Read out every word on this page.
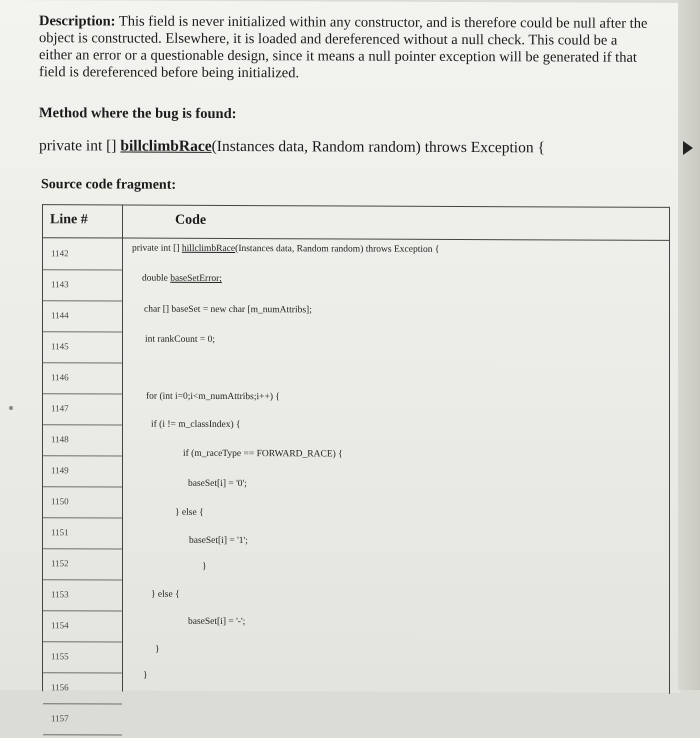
Description: This field is never initialized within any constructor, and is therefore could be null after the object is constructed. Elsewhere, it is loaded and dereferenced without a null check. This could be a either an error or a questionable design, since it means a null pointer exception will be generated if that field is dereferenced before being initialized.
Method where the bug is found:
private int [] billclimbRace(Instances data, Random random) throws Exception {
Source code fragment:
Line #	Code
1142
1143
1144
1145
1146
1147
1148
1149
1150
1151
1152
1153
1154
1155
1156
1157
private int [] hillclimbRace(Instances data, Random random) throws Exception {
double baseSetError;
char [] baseSet = new char [m_numAttribs];
int rankCount = 0;
for (int i=0;i<m_numAttribs;i++) {
if (i != m_classIndex) {
if (m_raceType == FORWARD_RACE) {
baseSet[i] = '0';
} else {
baseSet[i] = '1';
}
} else {
baseSet[i] = '-';
}
}
